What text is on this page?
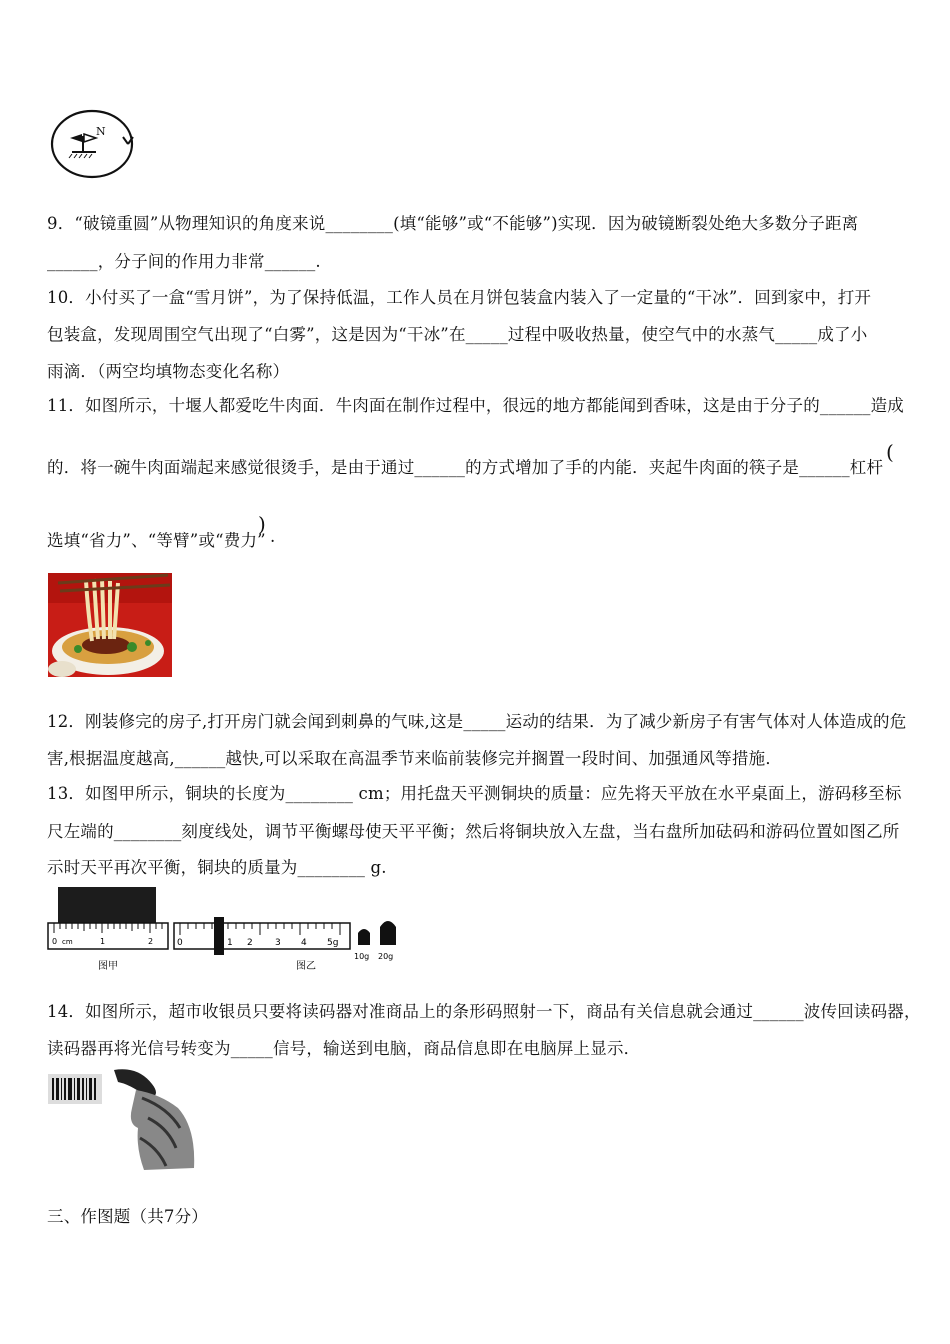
N
9．“破镜重圆”从物理知识的角度来说________(填“能够”或“不能够”)实现．因为破镜断裂处绝大多数分子距离
______，分子间的作用力非常______.
10．小付买了一盒“雪月饼”，为了保持低温，工作人员在月饼包装盒内装入了一定量的“干冰”．回到家中，打开
包装盒，发现周围空气出现了“白雾”，这是因为“干冰”在_____过程中吸收热量，使空气中的水蒸气_____成了小
雨滴．（两空均填物态变化名称）
11．如图所示，十堰人都爱吃牛肉面．牛肉面在制作过程中，很远的地方都能闻到香味，这是由于分子的______造成
的．将一碗牛肉面端起来感觉很烫手，是由于通过______的方式增加了手的内能．夹起牛肉面的筷子是______杠杆
(
选填“省力”、“等臂”或“费力”
)
.
12．刚装修完的房子,打开房门就会闻到刺鼻的气味,这是_____运动的结果．为了减少新房子有害气体对人体造成的危
害,根据温度越高,______越快,可以采取在高温季节来临前装修完并搁置一段时间、加强通风等措施．
13．如图甲所示，铜块的长度为________ cm；用托盘天平测铜块的质量：应先将天平放在水平桌面上，游码移至标
尺左端的________刻度线处，调节平衡螺母使天平平衡；然后将铜块放入左盘，当右盘所加砝码和游码位置如图乙所
示时天平再次平衡，铜块的质量为________ g.
0 cm	1	2
图甲
0	1 2 3 4 5g
图乙
10g 20g
14．如图所示，超市收银员只要将读码器对准商品上的条形码照射一下，商品有关信息就会通过______波传回读码器，
读码器再将光信号转变为_____信号，输送到电脑，商品信息即在电脑屏上显示．
三、作图题（共7分）
